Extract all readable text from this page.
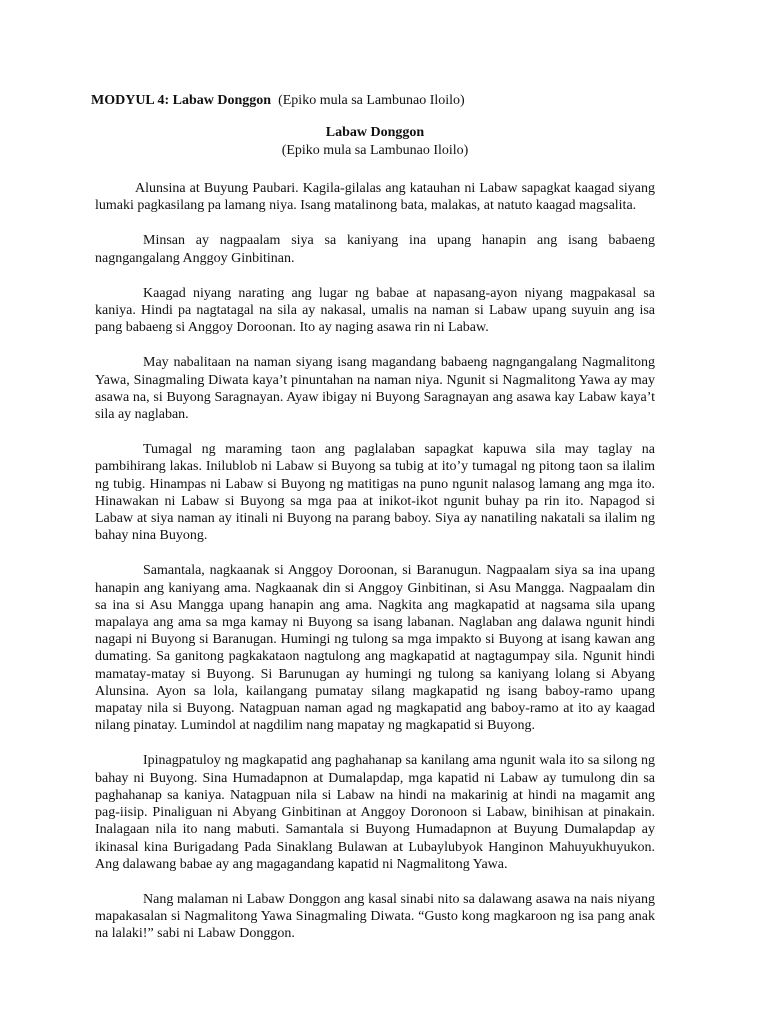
MODYUL 4: Labaw Donggon (Epiko mula sa Lambunao Iloilo)
Labaw Donggon
(Epiko mula sa Lambunao Iloilo)

Alunsina at Buyung Paubari. Kagila-gilalas ang katauhan ni Labaw sapagkat kaagad siyang lumaki pagkasilang pa lamang niya. Isang matalinong bata, malakas, at natuto kaagad magsalita.

Minsan ay nagpaalam siya sa kaniyang ina upang hanapin ang isang babaeng nagngangalang Anggoy Ginbitinan.

Kaagad niyang narating ang lugar ng babae at napasang-ayon niyang magpakasal sa kaniya. Hindi pa nagtatagal na sila ay nakasal, umalis na naman si Labaw upang suyuin ang isa pang babaeng si Anggoy Doroonan. Ito ay naging asawa rin ni Labaw.

May nabalitaan na naman siyang isang magandang babaeng nagngangalang Nagmalitong Yawa, Sinagmaling Diwata kaya’t pinuntahan na naman niya. Ngunit si Nagmalitong Yawa ay may asawa na, si Buyong Saragnayan. Ayaw ibigay ni Buyong Saragnayan ang asawa kay Labaw kaya’t sila ay naglaban.

Tumagal ng maraming taon ang paglalaban sapagkat kapuwa sila may taglay na pambihirang lakas. Inilublob ni Labaw si Buyong sa tubig at ito’y tumagal ng pitong taon sa ilalim ng tubig. Hinampas ni Labaw si Buyong ng matitigas na puno ngunit nalasog lamang ang mga ito. Hinawakan ni Labaw si Buyong sa mga paa at inikot-ikot ngunit buhay pa rin ito. Napagod si Labaw at siya naman ay itinali ni Buyong na parang baboy. Siya ay nanatiling nakatali sa ilalim ng bahay nina Buyong.

Samantala, nagkaanak si Anggoy Doroonan, si Baranugun. Nagpaalam siya sa ina upang hanapin ang kaniyang ama. Nagkaanak din si Anggoy Ginbitinan, si Asu Mangga. Nagpaalam din sa ina si Asu Mangga upang hanapin ang ama. Nagkita ang magkapatid at nagsama sila upang mapalaya ang ama sa mga kamay ni Buyong sa isang labanan. Naglaban ang dalawa ngunit hindi nagapi ni Buyong si Baranugan. Humingi ng tulong sa mga impakto si Buyong at isang kawan ang dumating. Sa ganitong pagkakataon nagtulong ang magkapatid at nagtagumpay sila. Ngunit hindi mamatay-matay si Buyong. Si Barunugan ay humingi ng tulong sa kaniyang lolang si Abyang Alunsina. Ayon sa lola, kailangang pumatay silang magkapatid ng isang baboy-ramo upang mapatay nila si Buyong. Natagpuan naman agad ng magkapatid ang baboy-ramo at ito ay kaagad nilang pinatay. Lumindol at nagdilim nang mapatay ng magkapatid si Buyong.

Ipinagpatuloy ng magkapatid ang paghahanap sa kanilang ama ngunit wala ito sa silong ng bahay ni Buyong. Sina Humadapnon at Dumalapdap, mga kapatid ni Labaw ay tumulong din sa paghahanap sa kaniya. Natagpuan nila si Labaw na hindi na makarinig at hindi na magamit ang pag-iisip. Pinaliguan ni Abyang Ginbitinan at Anggoy Doronoon si Labaw, binihisan at pinakain. Inalagaan nila ito nang mabuti. Samantala si Buyong Humadapnon at Buyung Dumalapdap ay ikinasal kina Burigadang Pada Sinaklang Bulawan at Lubaylubyok Hanginon Mahuyukhuyukon. Ang dalawang babae ay ang magagandang kapatid ni Nagmalitong Yawa.

Nang malaman ni Labaw Donggon ang kasal sinabi nito sa dalawang asawa na nais niyang mapakasalan si Nagmalitong Yawa Sinagmaling Diwata. “Gusto kong magkaroon ng isa pang anak na lalaki!” sabi ni Labaw Donggon.
